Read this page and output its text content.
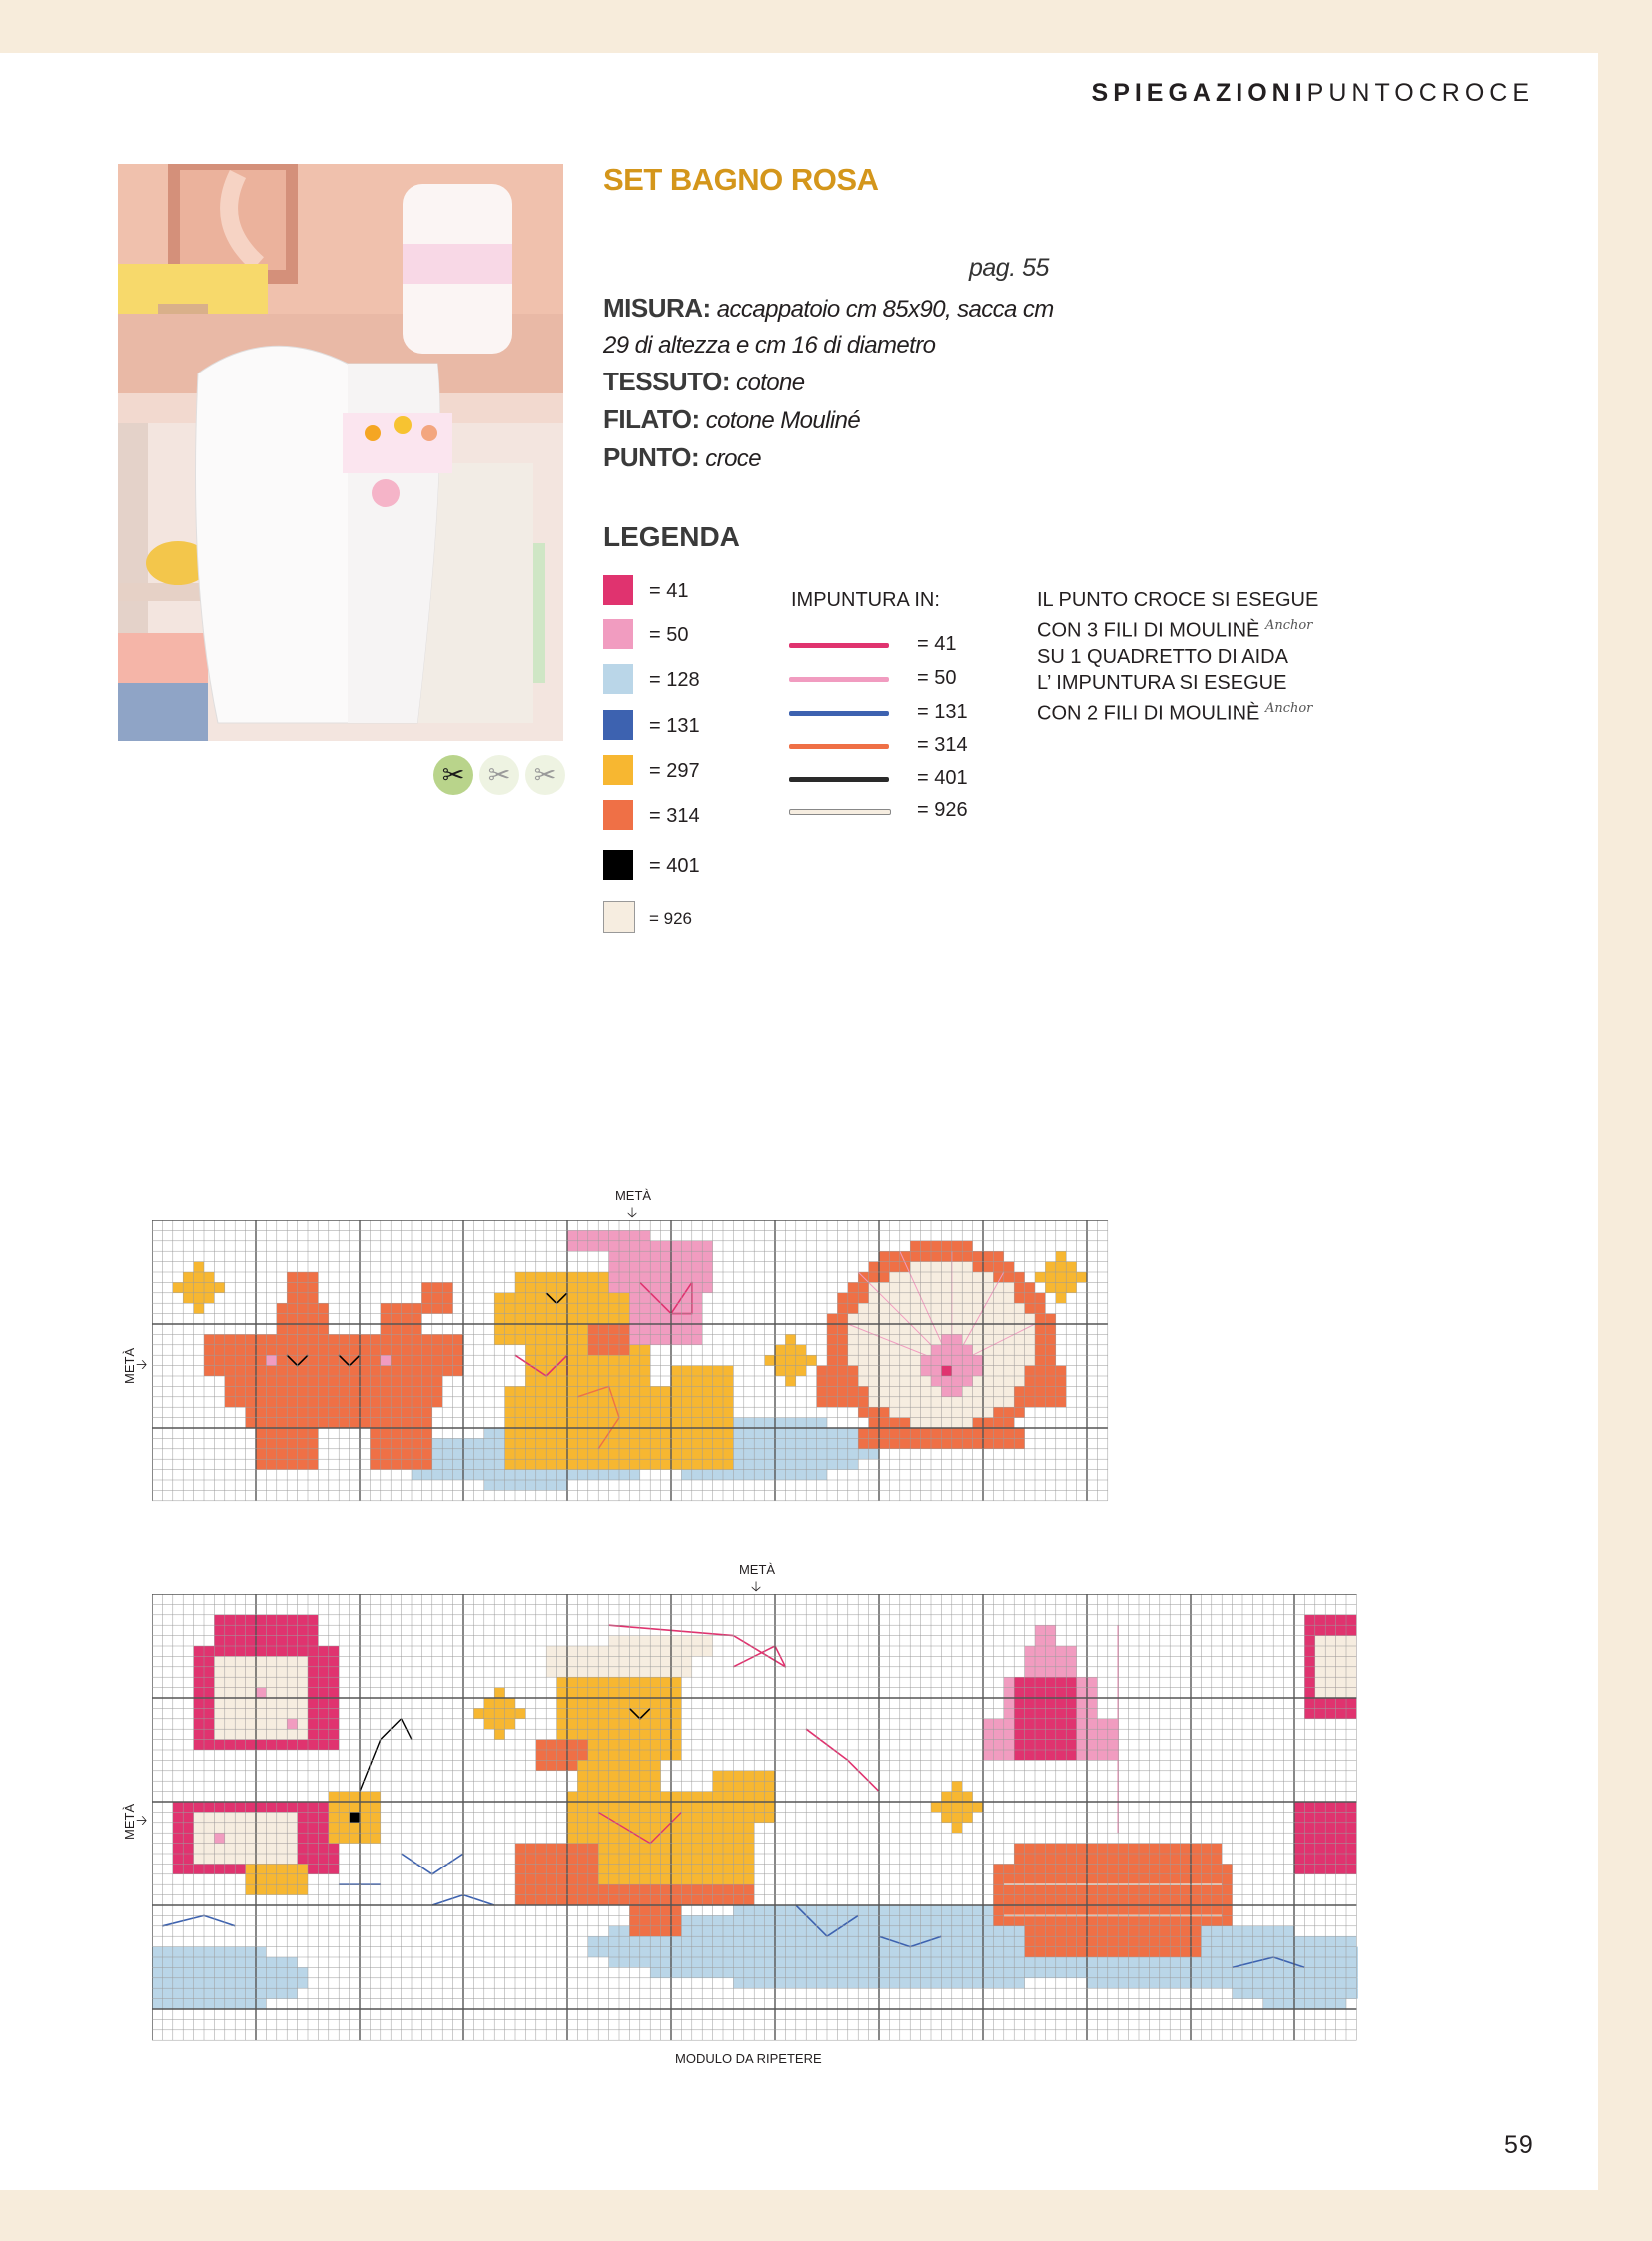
SPIEGAZIONIPUNTOCROCE
✂ ✂ ✂
SET BAGNO ROSA
pag. 55
MISURA: accappatoio cm 85x90, sacca cm 29 di altezza e cm 16 di diametro
TESSUTO: cotone
FILATO: cotone Mouliné
PUNTO: croce
LEGENDA
= 41
= 50
= 128
= 131
= 297
= 314
= 401
= 926
IMPUNTURA IN:
= 41
= 50
= 131
= 314
= 401
= 926
IL PUNTO CROCE SI ESEGUE
CON 3 FILI DI MOULINÈ $^{Anchor}$
SU 1 QUADRETTO DI AIDA
L’ IMPUNTURA SI ESEGUE
CON 2 FILI DI MOULINÈ $^{Anchor}$
METÀ
🡣
METÀ 🡢
METÀ
🡣
METÀ 🡢
MODULO DA RIPETERE
59
